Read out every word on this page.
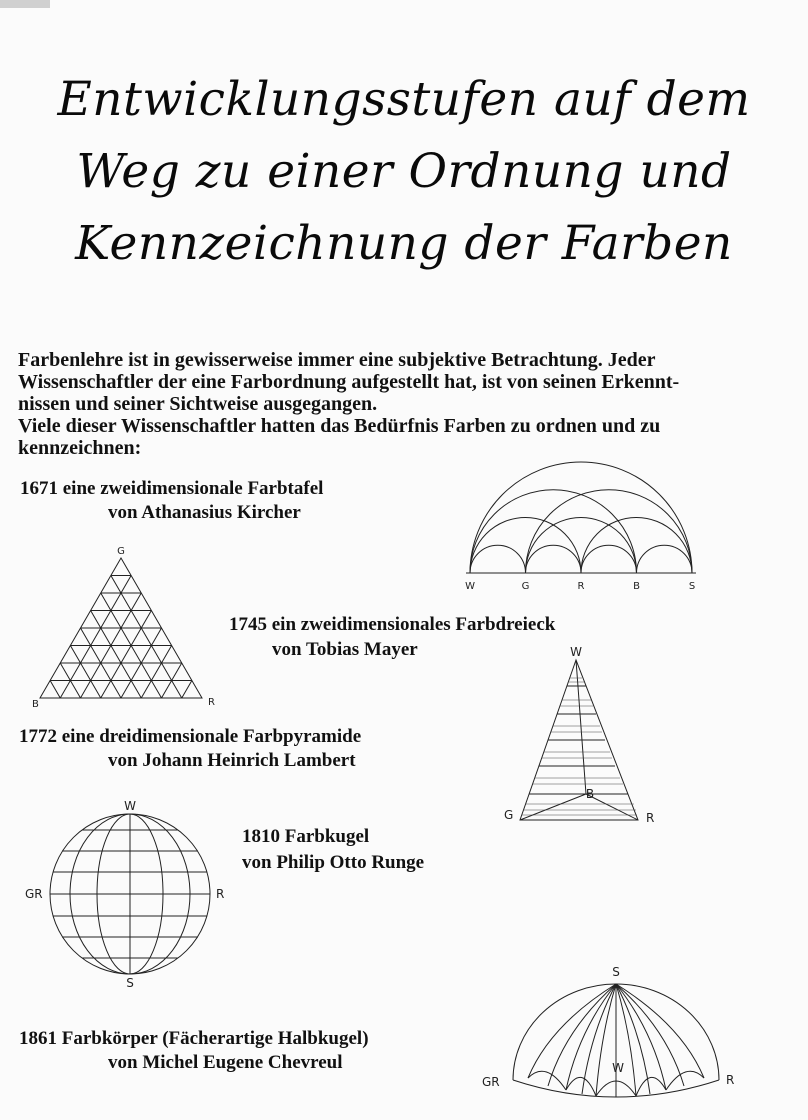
Entwicklungsstufen auf dem
Weg zu einer Ordnung und
Kennzeichnung der Farben

Farbenlehre ist in gewisserweise immer eine subjektive Betrachtung. Jeder

Wissenschaftler der eine Farbordnung aufgestellt hat, ist von seinen Erkennt-

nissen und seiner Sichtweise ausgegangen.

Viele dieser Wissenschaftler hatten das Bedürfnis Farben zu ordnen und zu

kennzeichnen:

1671 eine zweidimensionale Farbtafel
von Athanasius Kircher
W	G	R	B	S
G
B	R
1745 ein zweidimensionales Farbdreieck
von Tobias Mayer
1772 eine dreidimensionale Farbpyramide
von Johann Heinrich Lambert
W
G	R
B
W
S
GR	R
1810 Farbkugel
von Philip Otto Runge
1861 Farbkörper (Fächerartige Halbkugel)
von Michel Eugene Chevreul
S
GR	R
W
